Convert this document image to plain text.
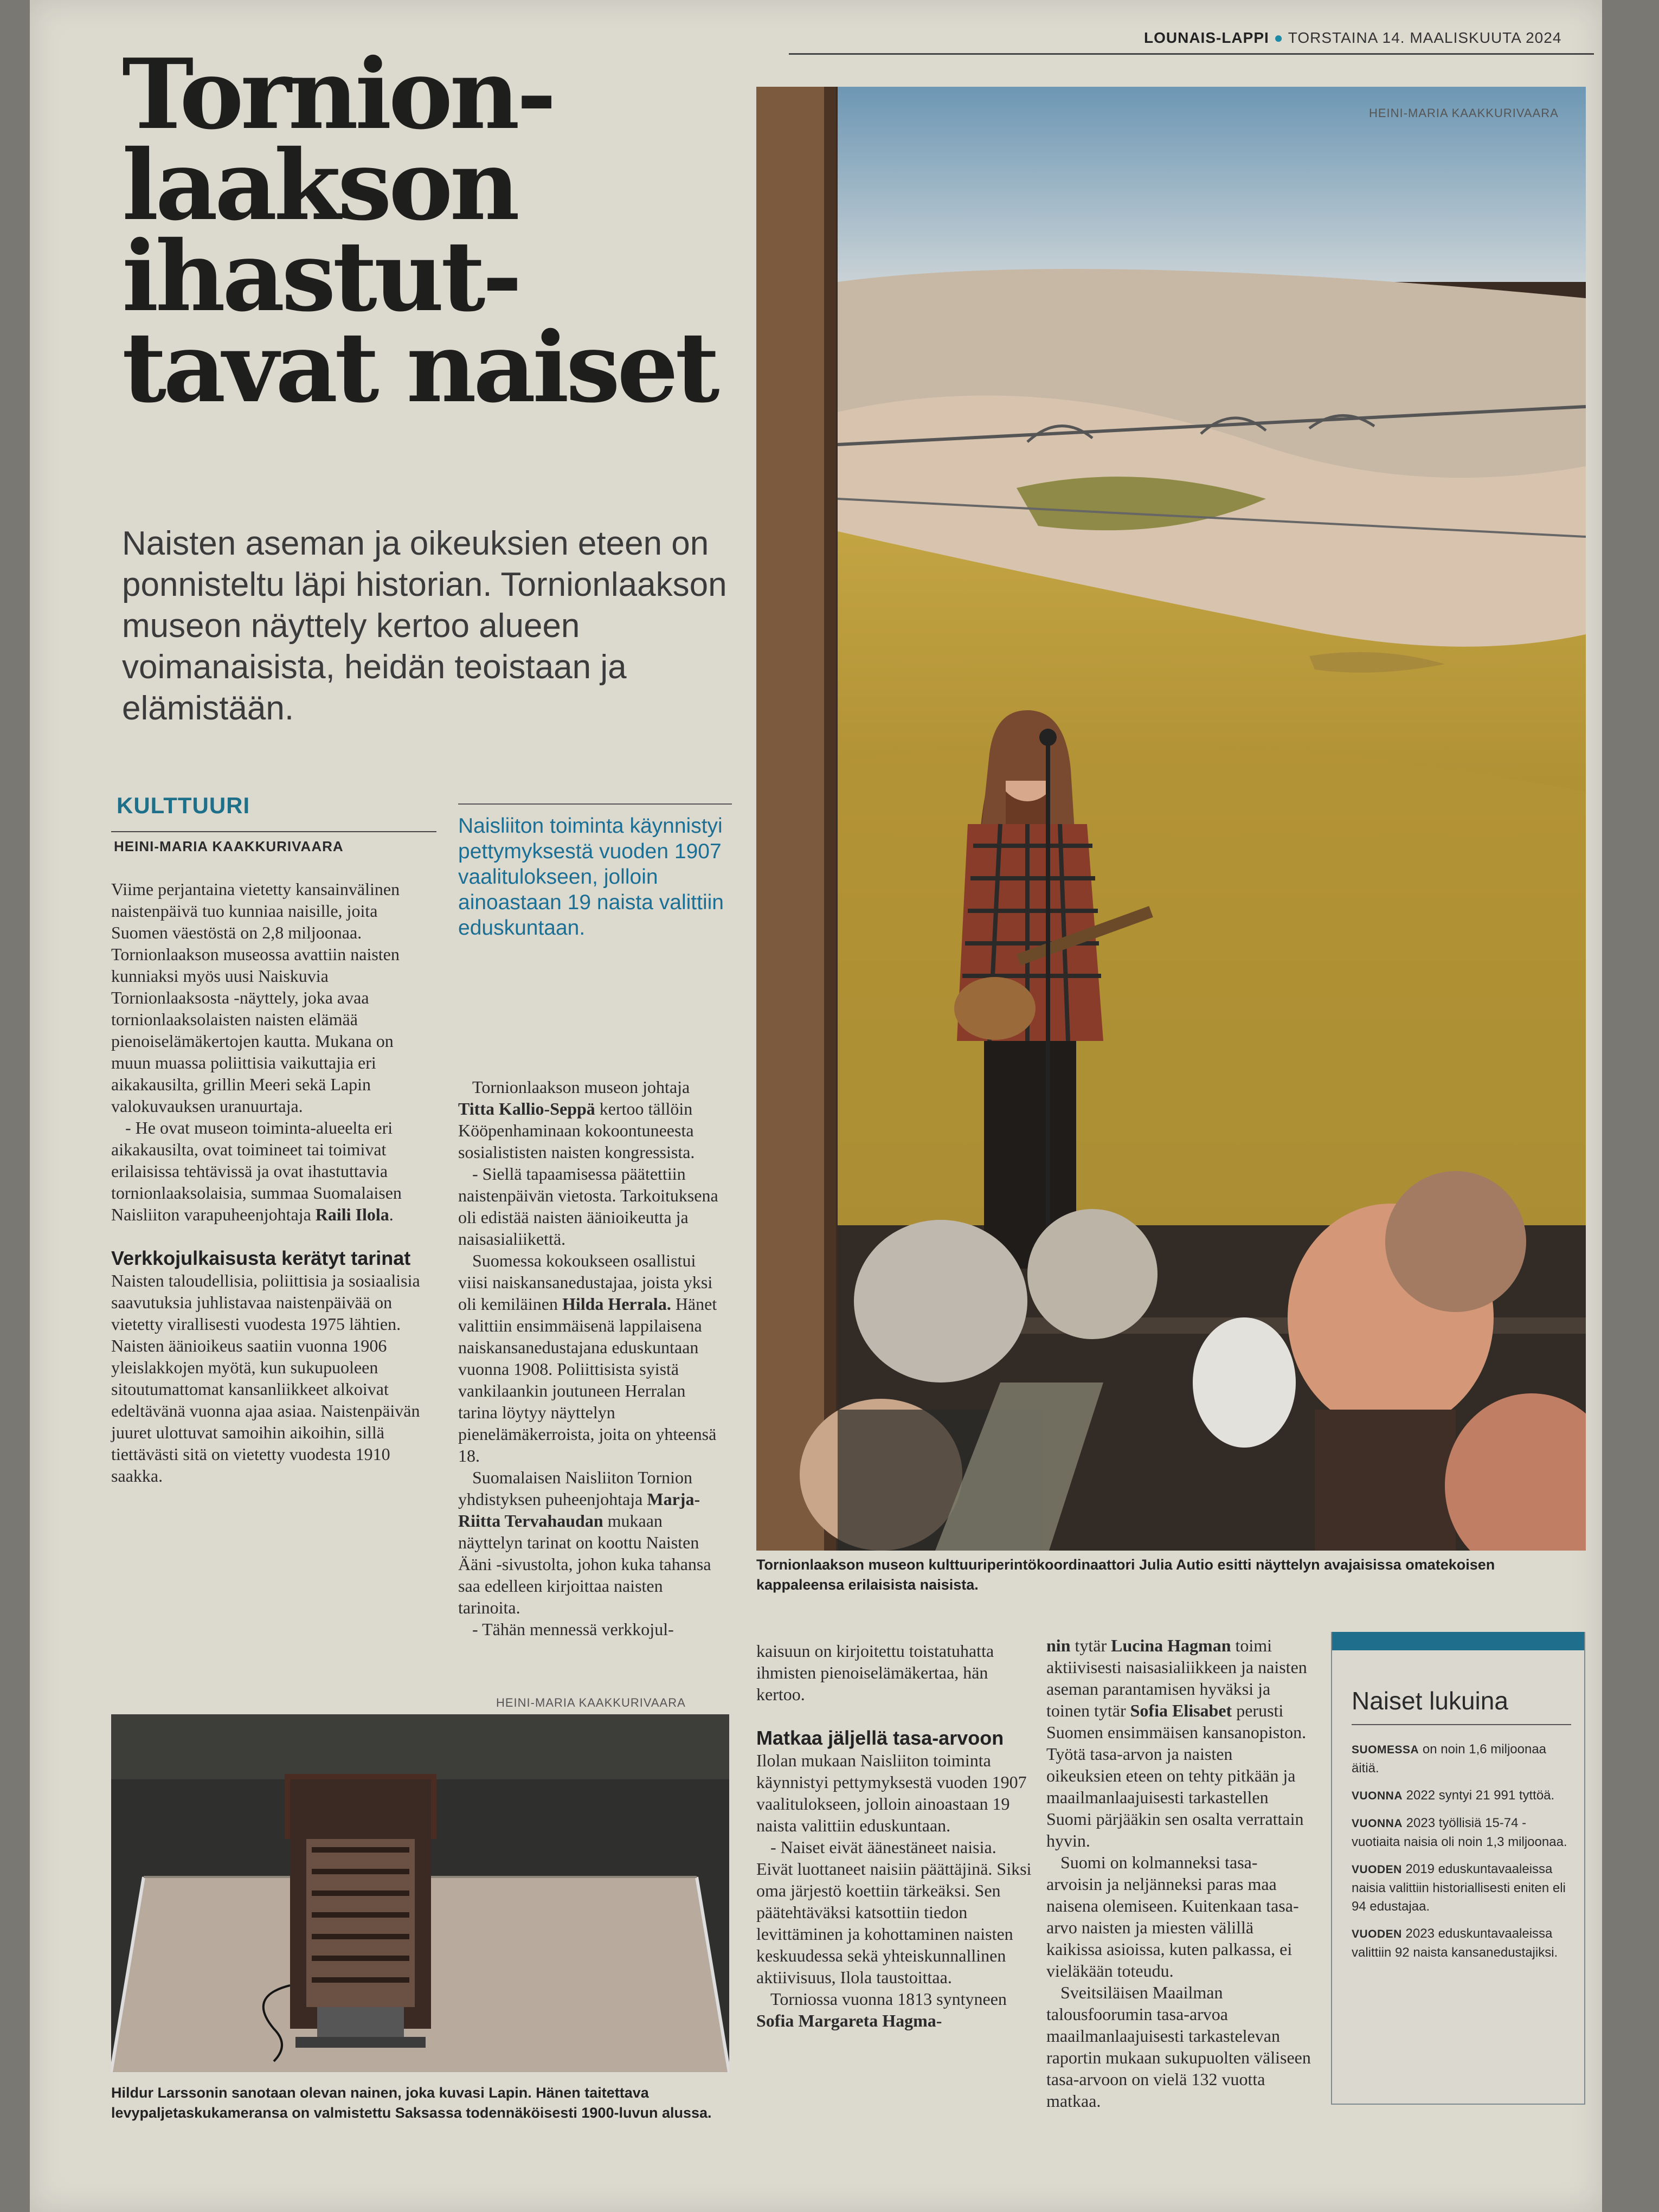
LOUNAIS-LAPPI ● TORSTAINA 14. MAALISKUUTA 2024
Tornion-
laakson
ihastut-
tavat naiset

Naisten aseman ja oikeuksien eteen on ponnisteltu läpi historian. Tornionlaakson museon näyttely kertoo alueen voimanaisista, heidän teoistaan ja elämistään.

KULTTUURI
HEINI-MARIA KAAKKURIVAARA

Viime perjantaina vietetty kansainvälinen naistenpäivä tuo kunniaa naisille, joita Suomen väestöstä on 2,8 miljoonaa. Tornionlaakson museossa avattiin naisten kunniaksi myös uusi Naiskuvia Tornionlaaksosta -näyttely, joka avaa tornionlaaksolaisten naisten elämää pienoiselämäkertojen kautta. Mukana on muun muassa poliittisia vaikuttajia eri aikakausilta, grillin Meeri sekä Lapin valokuvauksen uranuurtaja.

- He ovat museon toiminta-alueelta eri aikakausilta, ovat toimineet tai toimivat erilaisissa tehtävissä ja ovat ihastuttavia tornionlaaksolaisia, summaa Suomalaisen Naisliiton varapuheenjohtaja Raili Ilola.

Verkkojulkaisusta kerätyt tarinat

Naisten taloudellisia, poliittisia ja sosiaalisia saavutuksia juhlistavaa naistenpäivää on vietetty virallisesti vuodesta 1975 lähtien. Naisten äänioikeus saatiin vuonna 1906 yleislakkojen myötä, kun sukupuoleen sitoutumattomat kansanliikkeet alkoivat edeltävänä vuonna ajaa asiaa. Naistenpäivän juuret ulottuvat samoihin aikoihin, sillä tiettävästi sitä on vietetty vuodesta 1910 saakka.

Naisliiton toiminta käynnistyi pettymyksestä vuoden 1907 vaalitulokseen, jolloin ainoastaan 19 naista valittiin eduskuntaan.

Tornionlaakson museon johtaja Titta Kallio-Seppä kertoo tällöin Kööpenhaminaan kokoontuneesta sosialististen naisten kongressista.

- Siellä tapaamisessa päätettiin naistenpäivän vietosta. Tarkoituksena oli edistää naisten äänioikeutta ja naisasialiikettä.

Suomessa kokoukseen osallistui viisi naiskansanedustajaa, joista yksi oli kemiläinen Hilda Herrala. Hänet valittiin ensimmäisenä lappilaisena naiskansanedustajana eduskuntaan vuonna 1908. Poliittisista syistä vankilaankin joutuneen Herralan tarina löytyy näyttelyn pienelämäkerroista, joita on yhteensä 18.

Suomalaisen Naisliiton Tornion yhdistyksen puheenjohtaja Marja-Riitta Tervahaudan mukaan näyttelyn tarinat on koottu Naisten Ääni -sivustolta, johon kuka tahansa saa edelleen kirjoittaa naisten tarinoita.

- Tähän mennessä verkkojul-

HEINI-MARIA KAAKKURIVAARA

Tornionlaakson museon kulttuuriperintökoordinaattori Julia Autio esitti näyttelyn avajaisissa omatekoisen kappaleensa erilaisista naisista.

kaisuun on kirjoitettu toistatuhatta ihmisten pienoiselämäkertaa, hän kertoo.

Matkaa jäljellä tasa-arvoon

Ilolan mukaan Naisliiton toiminta käynnistyi pettymyksestä vuoden 1907 vaalitulokseen, jolloin ainoastaan 19 naista valittiin eduskuntaan.

- Naiset eivät äänestäneet naisia. Eivät luottaneet naisiin päättäjinä. Siksi oma järjestö koettiin tärkeäksi. Sen päätehtäväksi katsottiin tiedon levittäminen ja kohottaminen naisten keskuudessa sekä yhteiskunnallinen aktiivisuus, Ilola taustoittaa.

Torniossa vuonna 1813 syntyneen Sofia Margareta Hagma-

nin tytär Lucina Hagman toimi aktiivisesti naisasialiikkeen ja naisten aseman parantamisen hyväksi ja toinen tytär Sofia Elisabet perusti Suomen ensimmäisen kansanopiston. Työtä tasa-arvon ja naisten oikeuksien eteen on tehty pitkään ja maailmanlaajuisesti tarkastellen Suomi pärjääkin sen osalta verrattain hyvin.

Suomi on kolmanneksi tasa-arvoisin ja neljänneksi paras maa naisena olemiseen. Kuitenkaan tasa-arvo naisten ja miesten välillä kaikissa asioissa, kuten palkassa, ei vieläkään toteudu.

Sveitsiläisen Maailman talousfoorumin tasa-arvoa maailmanlaajuisesti tarkastelevan raportin mukaan sukupuolten väliseen tasa-arvoon on vielä 132 vuotta matkaa.

HEINI-MARIA KAAKKURIVAARA

Hildur Larssonin sanotaan olevan nainen, joka kuvasi Lapin. Hänen taitettava levypaljetaskukameransa on valmistettu Saksassa todennäköisesti 1900-luvun alussa.

Naiset lukuina
SUOMESSA on noin 1,6 miljoonaa äitiä.
VUONNA 2022 syntyi 21 991 tyttöä.
VUONNA 2023 työllisiä 15-74 -vuotiaita naisia oli noin 1,3 miljoonaa.
VUODEN 2019 eduskuntavaaleissa naisia valittiin historiallisesti eniten eli 94 edustajaa.
VUODEN 2023 eduskuntavaaleissa valittiin 92 naista kansanedustajiksi.
